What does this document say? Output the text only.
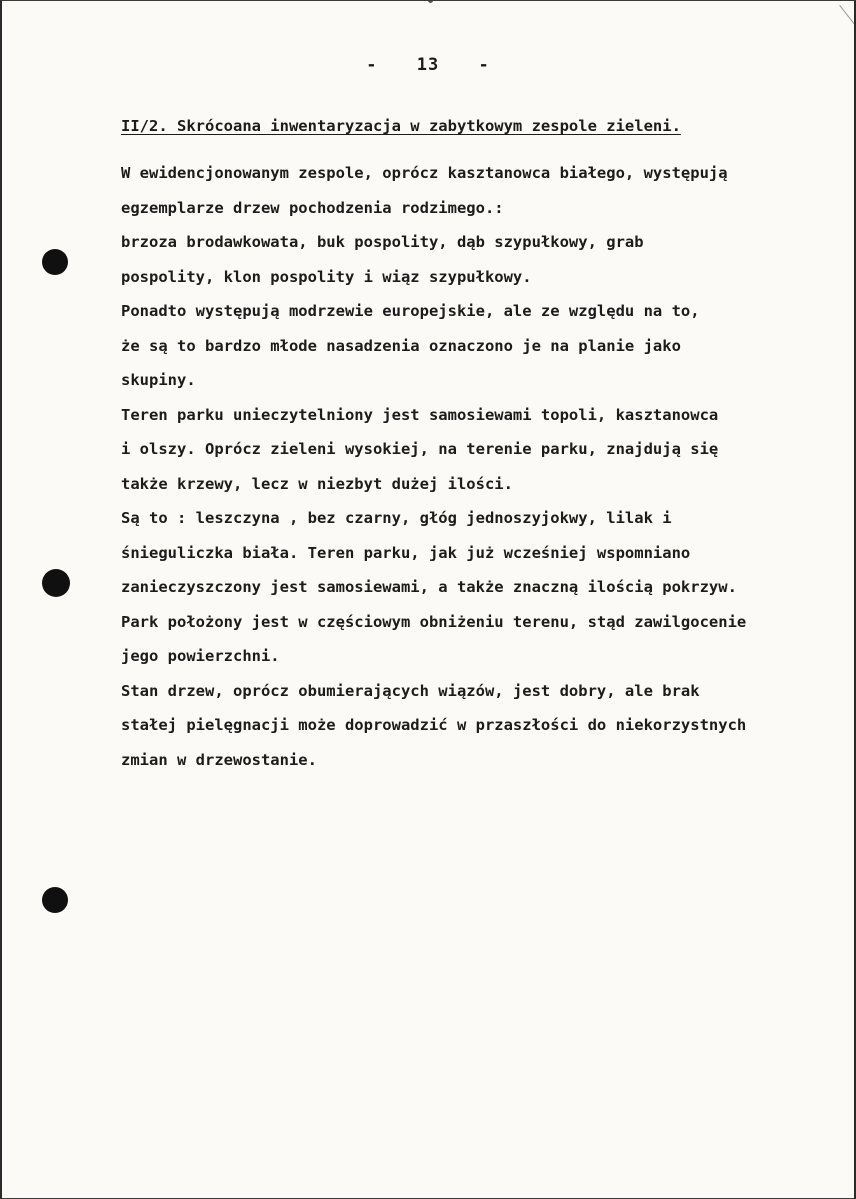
- 13 -
II/2. Skrócoana inwentaryzacja w zabytkowym zespole zieleni.
W ewidencjonowanym zespole, oprócz kasztanowca białego, występują
egzemplarze drzew pochodzenia rodzimego.:
brzoza brodawkowata, buk pospolity, dąb szypułkowy, grab
pospolity, klon pospolity i wiąz szypułkowy.
Ponadto występują modrzewie europejskie, ale ze względu na to,
że są to bardzo młode nasadzenia oznaczono je na planie jako
skupiny.
Teren parku unieczytelniony jest samosiewami topoli, kasztanowca
i olszy. Oprócz zieleni wysokiej, na terenie parku, znajdują się
także krzewy, lecz w niezbyt dużej ilości.
Są to : leszczyna , bez czarny, głóg jednoszyjokwy, lilak i
śnieguliczka biała. Teren parku, jak już wcześniej wspomniano
zanieczyszczony jest samosiewami, a także znaczną ilością pokrzyw.
Park położony jest w częściowym obniżeniu terenu, stąd zawilgocenie
jego powierzchni.
Stan drzew, oprócz obumierających wiązów, jest dobry, ale brak
stałej pielęgnacji może doprowadzić w przaszłości do niekorzystnych
zmian w drzewostanie.
